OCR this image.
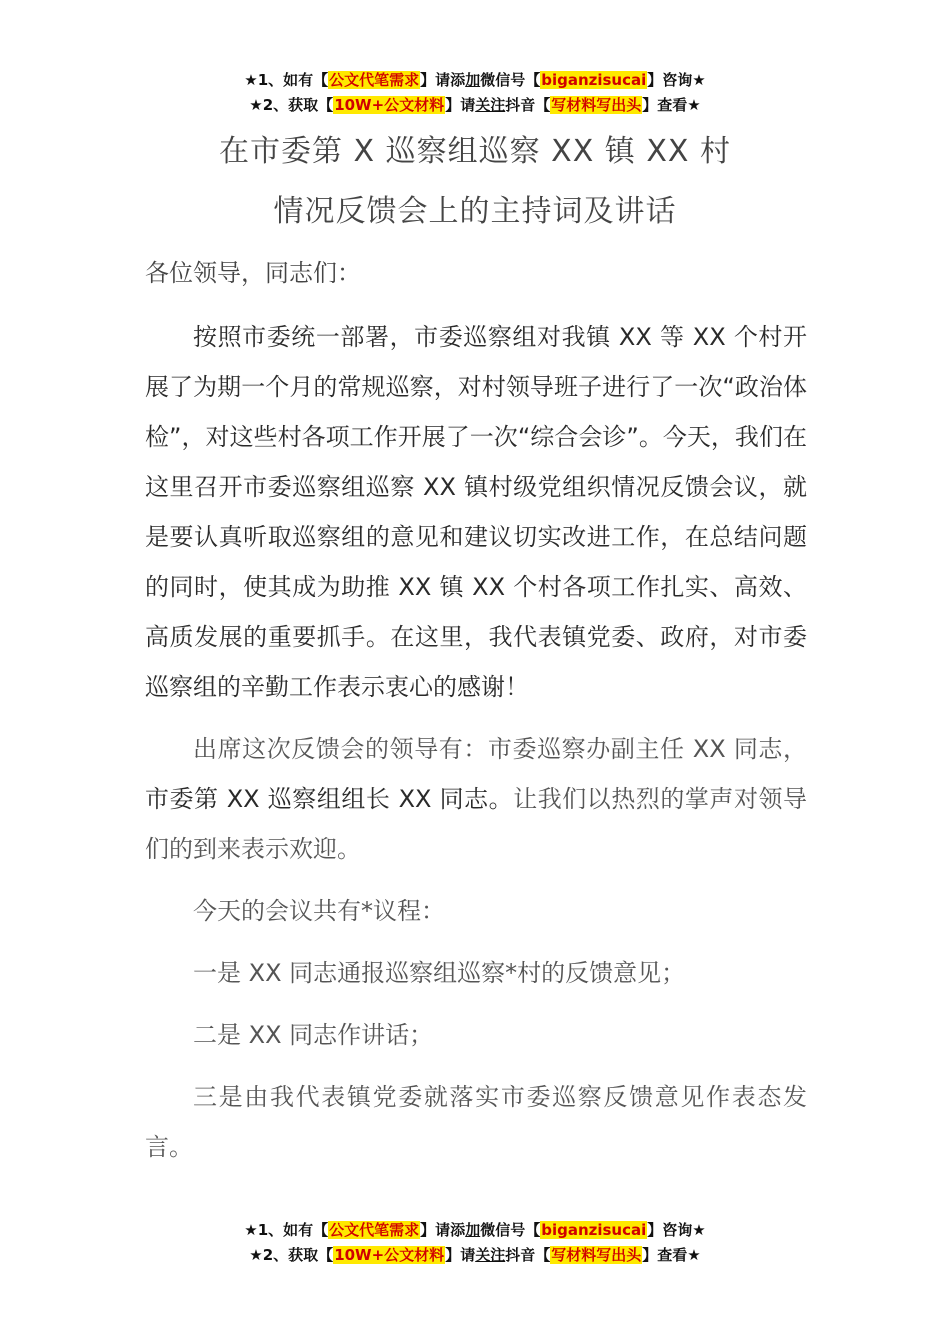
★1、如有【公文代笔需求】请添加微信号【biganzisucai】咨询★
★2、获取【10W+公文材料】请关注抖音【写材料写出头】查看★
在市委第 X 巡察组巡察 XX 镇 XX 村
情况反馈会上的主持词及讲话

各位领导，同志们：

按照市委统一部署，市委巡察组对我镇 XX 等 XX 个村开展了为期一个月的常规巡察，对村领导班子进行了一次“政治体检”，对这些村各项工作开展了一次“综合会诊”。今天，我们在这里召开市委巡察组巡察 XX 镇村级党组织情况反馈会议，就是要认真听取巡察组的意见和建议切实改进工作，在总结问题的同时，使其成为助推 XX 镇 XX 个村各项工作扎实、高效、高质发展的重要抓手。在这里，我代表镇党委、政府，对市委巡察组的辛勤工作表示衷心的感谢！

出席这次反馈会的领导有：市委巡察办副主任 XX 同志，市委第 XX 巡察组组长 XX 同志。让我们以热烈的掌声对领导们的到来表示欢迎。

今天的会议共有*议程：

一是 XX 同志通报巡察组巡察*村的反馈意见；

二是 XX 同志作讲话；

三是由我代表镇党委就落实市委巡察反馈意见作表态发言。

★1、如有【公文代笔需求】请添加微信号【biganzisucai】咨询★
★2、获取【10W+公文材料】请关注抖音【写材料写出头】查看★
